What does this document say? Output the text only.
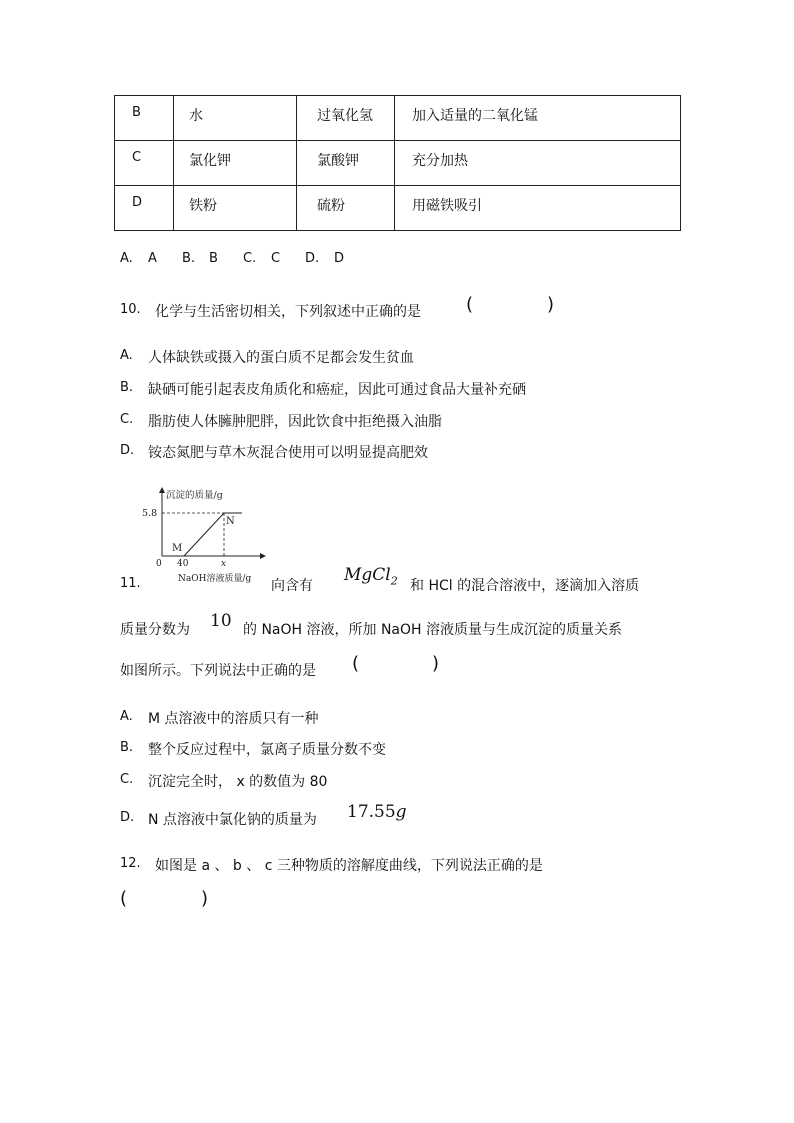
B	水	过氧化氢	加入适量的二氧化锰

C	氯化钾	氯酸钾	充分加热

D	铁粉	硫粉	用磁铁吸引
A. A B. B C. C D. D
10. 化学与生活密切相关，下列叙述中正确的是	(	)
A. 人体缺铁或摄入的蛋白质不足都会发生贫血
B. 缺硒可能引起表皮角质化和癌症，因此可通过食品大量补充硒
C. 脂肪使人体臃肿肥胖，因此饮食中拒绝摄入油脂
D. 铵态氮肥与草木灰混合使用可以明显提高肥效
沉淀的质量/g
5.8
0 40	x
NaOH溶液质量/g
M
N
11.	向含有
MgCl$_2$ 和 HCl 的混合溶液中，逐滴加入溶质
质量分数为 10 的 NaOH 溶液，所加 NaOH 溶液质量与生成沉淀的质量关系
如图所示。下列说法中正确的是 (	)
A. M 点溶液中的溶质只有一种
B. 整个反应过程中，氯离子质量分数不变
C. 沉淀完全时， x 的数值为 80
D. N 点溶液中氯化钠的质量为 17.55g
12. 如图是 a 、 b 、 c 三种物质的溶解度曲线，下列说法正确的是
(	)
